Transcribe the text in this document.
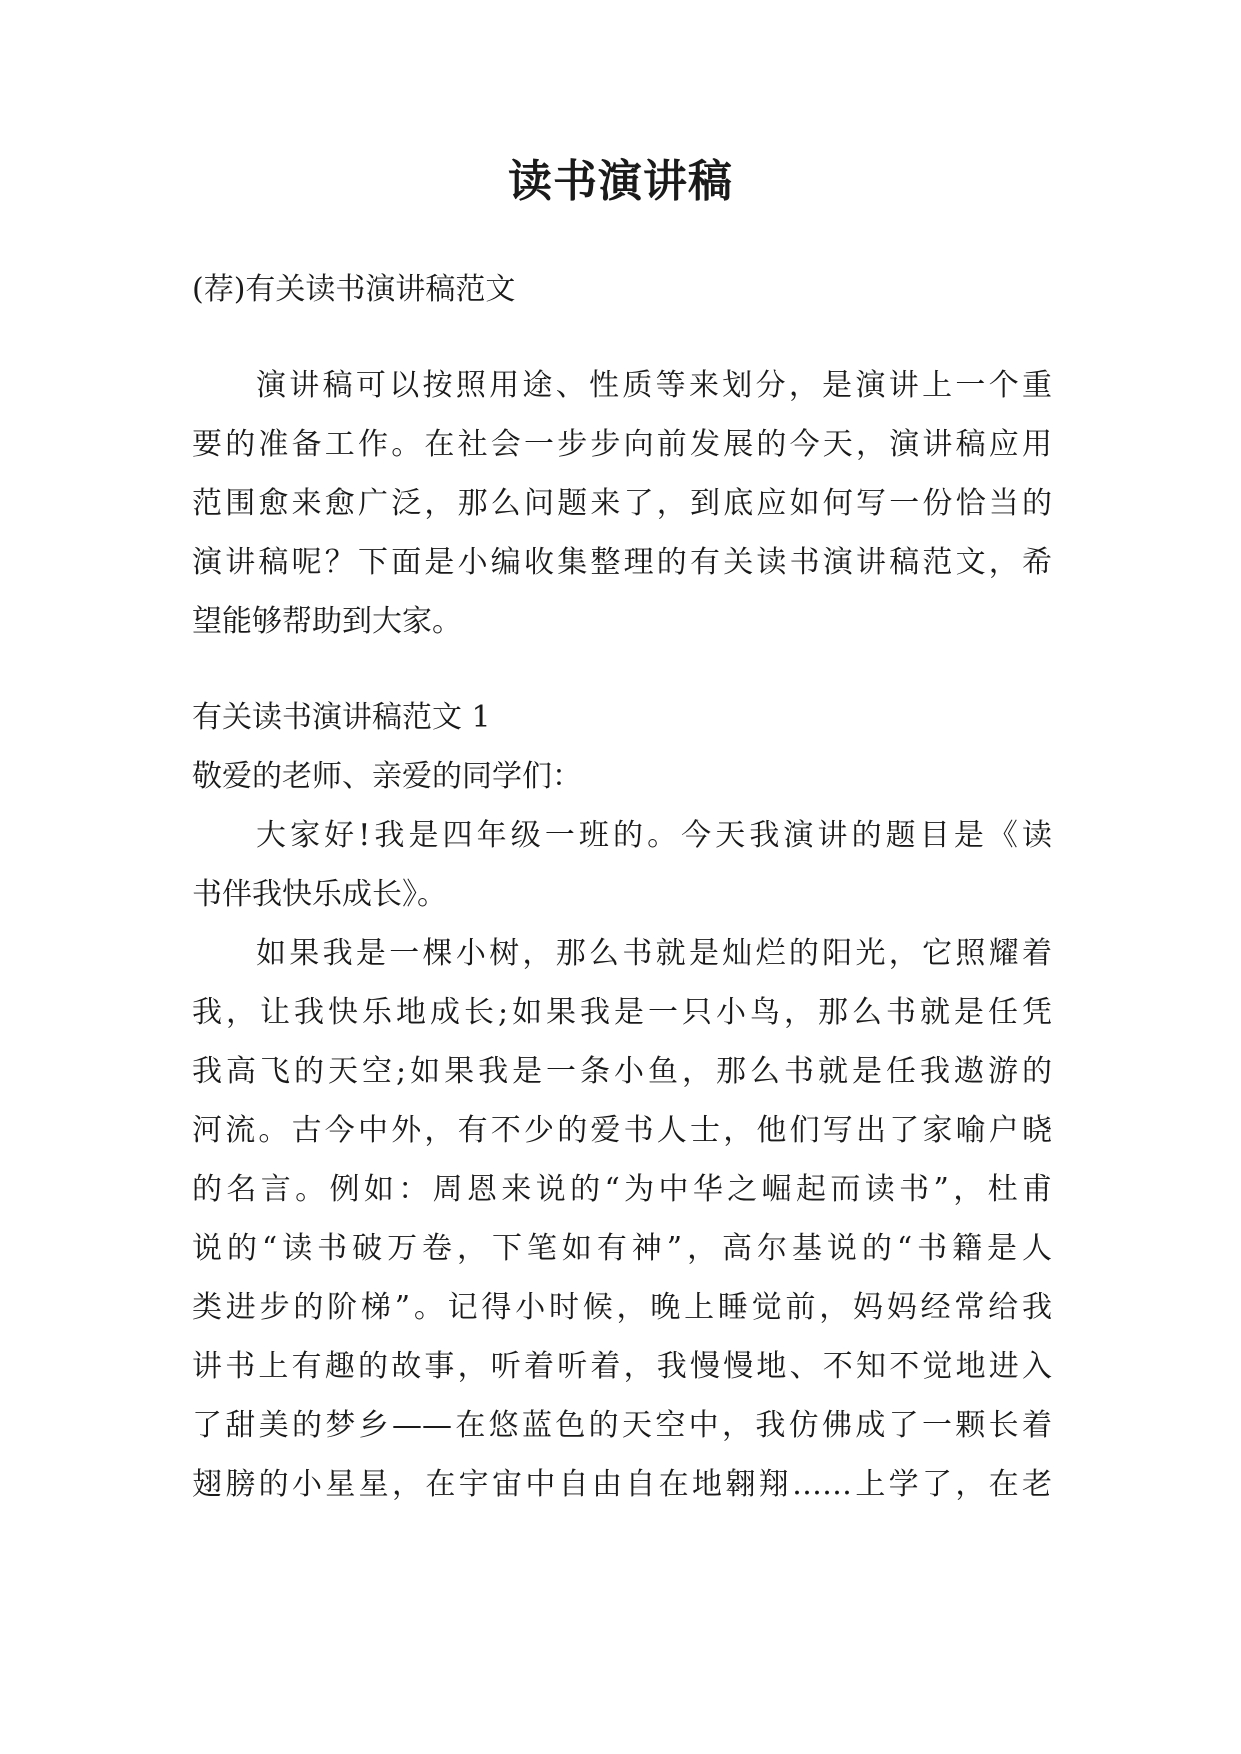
读书演讲稿

(荐)有关读书演讲稿范文

演讲稿可以按照用途、性质等来划分，是演讲上一个重

要的准备工作。在社会一步步向前发展的今天，演讲稿应用

范围愈来愈广泛，那么问题来了，到底应如何写一份恰当的

演讲稿呢？下面是小编收集整理的有关读书演讲稿范文，希

望能够帮助到大家。

有关读书演讲稿范文 1

敬爱的老师、亲爱的同学们：

大家好!我是四年级一班的。今天我演讲的题目是《读

书伴我快乐成长》。

如果我是一棵小树，那么书就是灿烂的阳光，它照耀着

我，让我快乐地成长;如果我是一只小鸟，那么书就是任凭

我高飞的天空;如果我是一条小鱼，那么书就是任我遨游的

河流。古今中外，有不少的爱书人士，他们写出了家喻户晓

的名言。例如：周恩来说的“为中华之崛起而读书”，杜甫

说的“读书破万卷，下笔如有神”，高尔基说的“书籍是人

类进步的阶梯”。记得小时候，晚上睡觉前，妈妈经常给我

讲书上有趣的故事，听着听着，我慢慢地、不知不觉地进入

了甜美的梦乡——在悠蓝色的天空中，我仿佛成了一颗长着

翅膀的小星星，在宇宙中自由自在地翱翔……上学了，在老
